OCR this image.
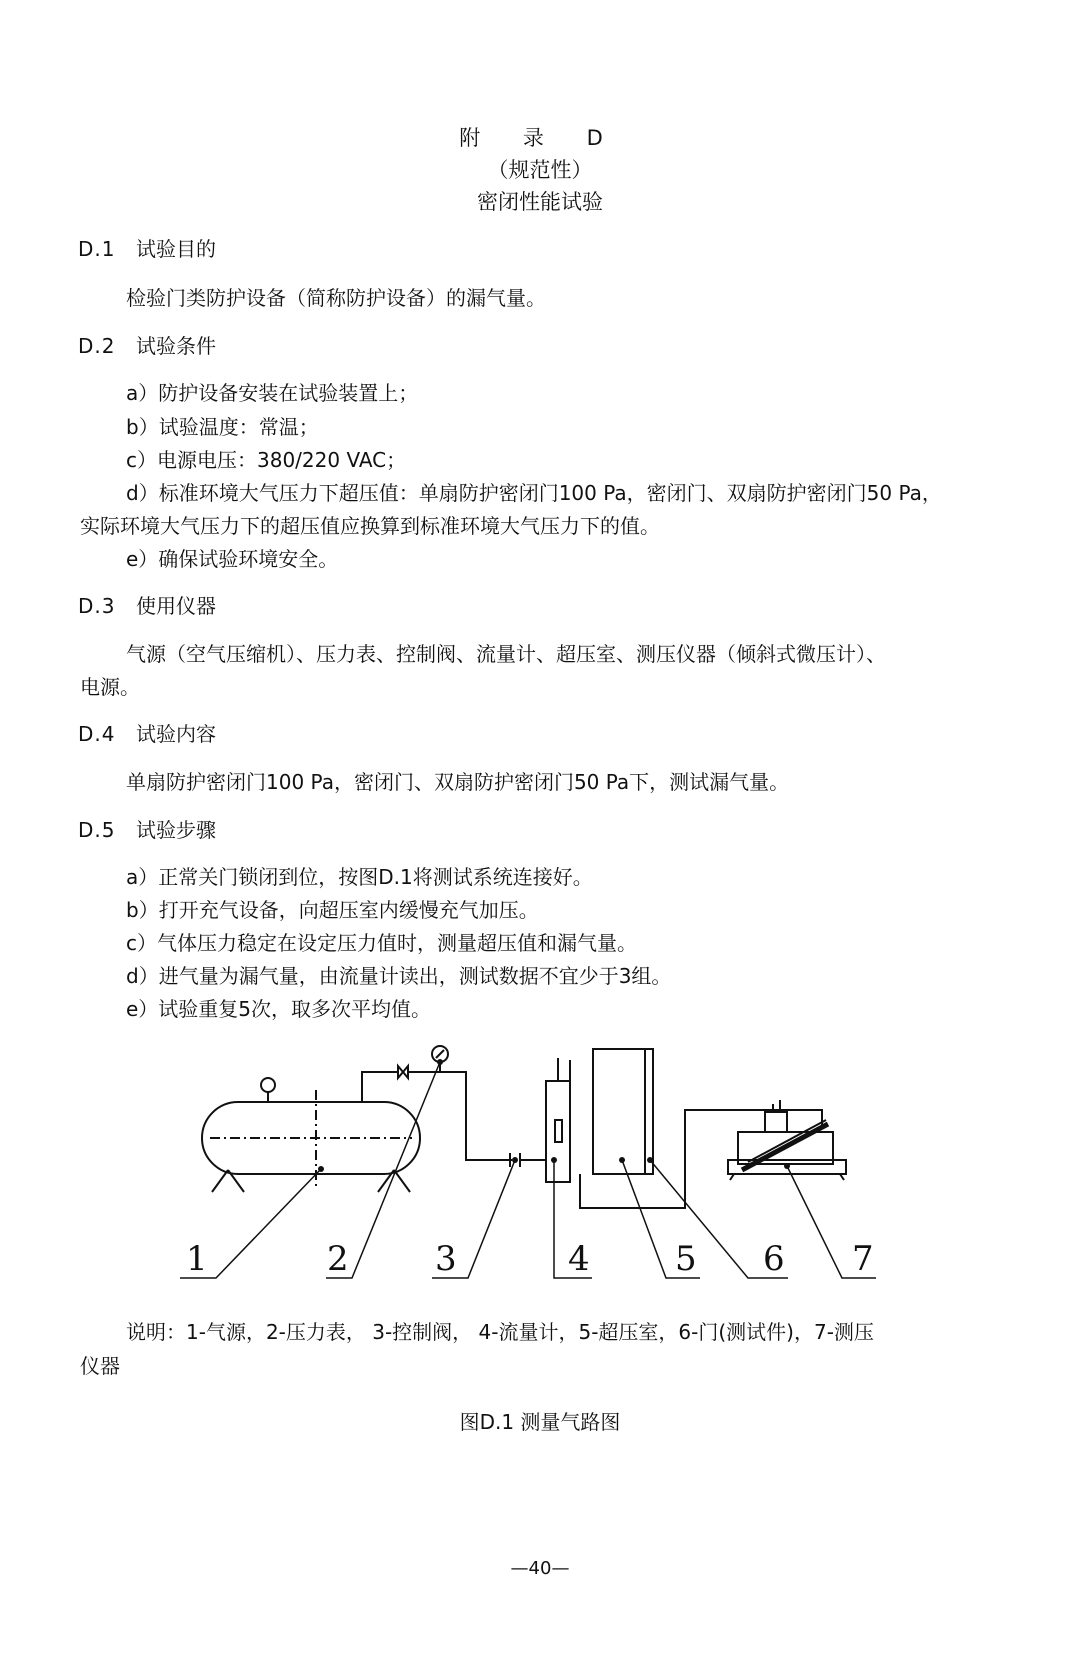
附 录 D
（规范性）
密闭性能试验
D.1 试验目的
检验门类防护设备（简称防护设备）的漏气量。
D.2 试验条件
a）防护设备安装在试验装置上；
b）试验温度：常温；
c）电源电压：380/220 VAC；
d）标准环境大气压力下超压值：单扇防护密闭门100 Pa，密闭门、双扇防护密闭门50 Pa，
实际环境大气压力下的超压值应换算到标准环境大气压力下的值。
e）确保试验环境安全。
D.3 使用仪器
气源（空气压缩机）、压力表、控制阀、流量计、超压室、测压仪器（倾斜式微压计）、
电源。
D.4 试验内容
单扇防护密闭门100 Pa，密闭门、双扇防护密闭门50 Pa下，测试漏气量。
D.5 试验步骤
a）正常关门锁闭到位，按图D.1将测试系统连接好。
b）打开充气设备，向超压室内缓慢充气加压。
c）气体压力稳定在设定压力值时，测量超压值和漏气量。
d）进气量为漏气量，由流量计读出，测试数据不宜少于3组。
e）试验重复5次，取多次平均值。
1	2	3	4	5 6 7
说明：1-气源，2-压力表， 3-控制阀， 4-流量计，5-超压室，6-门(测试件)，7-测压
仪器
图D.1 测量气路图
—40—
